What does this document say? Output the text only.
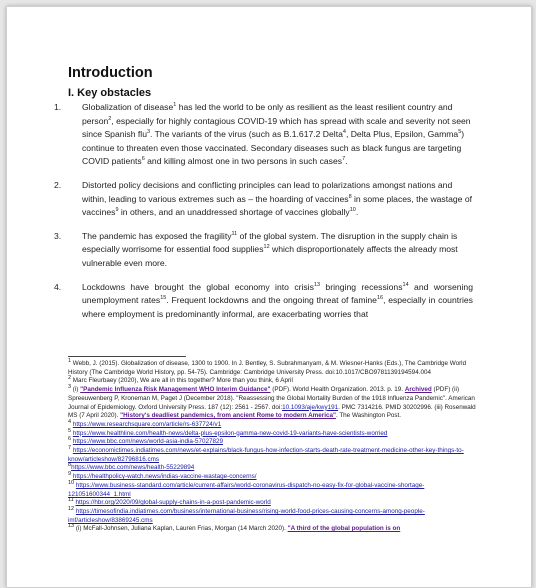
Introduction
I. Key obstacles
1. Globalization of disease$^1$ has led the world to be only as resilient as the least resilient country and person$^2$, especially for highly contagious COVID-19 which has spread with scale and severity not seen since Spanish flu$^3$. The variants of the virus (such as B.1.617.2 Delta$^4$, Delta Plus, Epsilon, Gamma$^5$) continue to threaten even those vaccinated. Secondary diseases such as black fungus are targeting COVID patients$^6$ and killing almost one in two persons in such cases$^7$.
2. Distorted policy decisions and conflicting principles can lead to polarizations amongst nations and within, leading to various extremes such as – the hoarding of vaccines$^8$ in some places, the wastage of vaccines$^9$ in others, and an unaddressed shortage of vaccines globally$^{10}$.
3. The pandemic has exposed the fragility$^{11}$ of the global system. The disruption in the supply chain is especially worrisome for essential food supplies$^{12}$ which disproportionately affects the already most vulnerable even more.
4. Lockdowns have brought the global economy into crisis$^{13}$ bringing recessions$^{14}$ and worsening unemployment rates$^{15}$. Frequent lockdowns and the ongoing threat of famine$^{16}$, especially in countries where employment is predominantly informal, are exacerbating worries that

$^1$ Webb, J. (2015). Globalization of disease, 1300 to 1900. In J. Bentley, S. Subrahmanyam, & M. Wiesner-Hanks (Eds.), The Cambridge World History (The Cambridge World History, pp. 54-75). Cambridge: Cambridge University Press. doi:10.1017/CBO9781139194594.004

$^2$ Marc Fleurbaey (2020), We are all in this together? More than you think, 6 April

$^3$ (i) "Pandemic Influenza Risk Management WHO Interim Guidance" (PDF). World Health Organization. 2013. p. 19. Archived (PDF) (ii) Spreeuwenberg P, Kroneman M, Paget J (December 2018). "Reassessing the Global Mortality Burden of the 1918 Influenza Pandemic". American Journal of Epidemiology. Oxford University Press. 187 (12): 2561 - 2567. doi:10.1093/aje/kwy191. PMC 7314216. PMID 30202996. (iii) Rosenwald MS (7 April 2020). "History's deadliest pandemics, from ancient Rome to modern America". The Washington Post.

$^4$ https://www.researchsquare.com/article/rs-637724/v1

$^5$ https://www.healthline.com/health-news/delta-plus-epsilon-gamma-new-covid-19-variants-have-scientists-worried

$^6$ https://www.bbc.com/news/world-asia-india-57027829

$^7$ https://economictimes.indiatimes.com/news/et-explains/black-fungus-how-infection-starts-death-rate-treatment-medicine-other-key-things-to-know/articleshow/82796816.cms

$^8$https://www.bbc.com/news/health-55229894

$^9$ https://healthpolicy-watch.news/indias-vaccine-wastage-concerns/

$^{10}$ https://www.business-standard.com/article/current-affairs/world-coronavirus-dispatch-no-easy-fix-for-global-vaccine-shortage-121051600344_1.html

$^{11}$ https://hbr.org/2020/09/global-supply-chains-in-a-post-pandemic-world

$^{12}$ https://timesofindia.indiatimes.com/business/international-business/rising-world-food-prices-causing-concerns-among-people-imf/articleshow/83869245.cms

$^{13}$ (i) McFall-Johnsen, Juliana Kaplan, Lauren Frias, Morgan (14 March 2020). "A third of the global population is on
